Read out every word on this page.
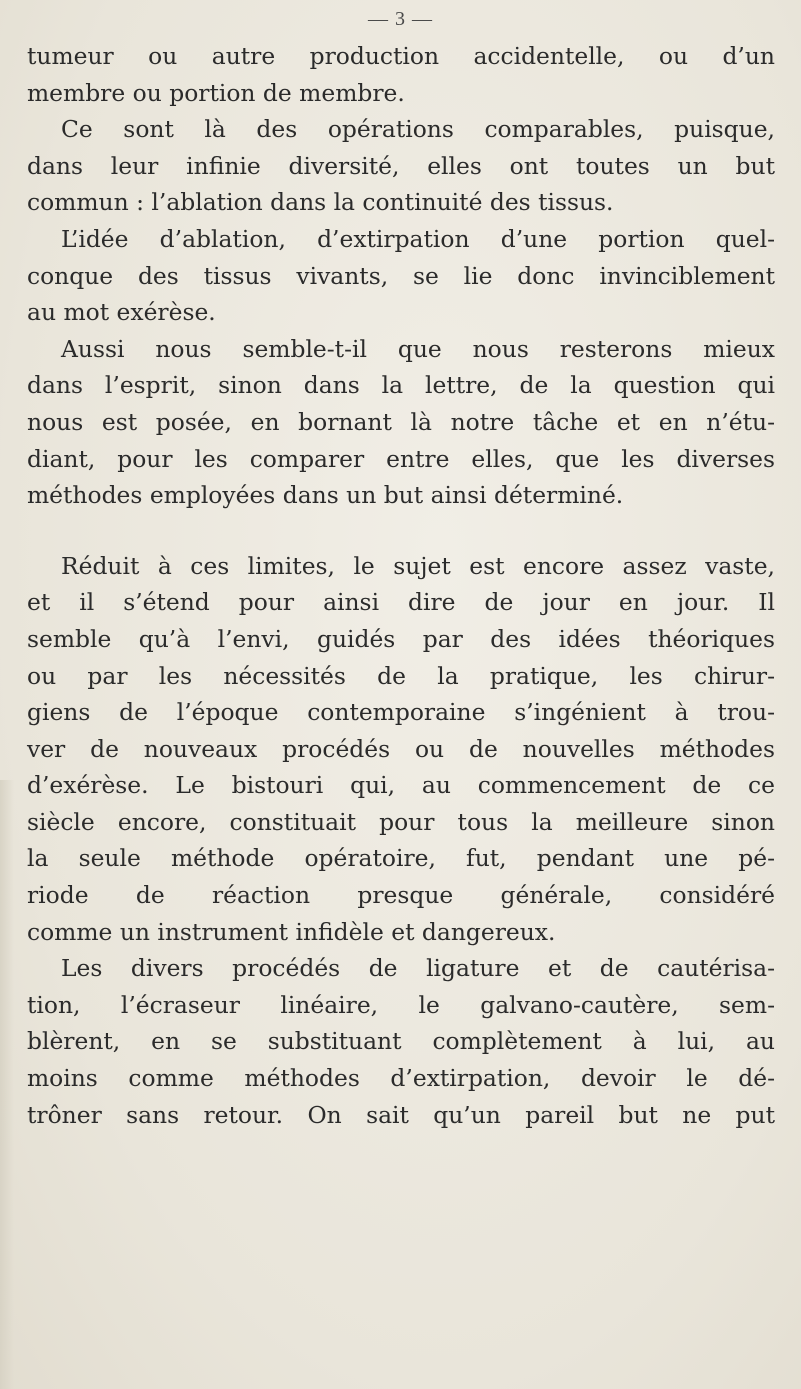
— 3 —
tumeur ou autre production accidentelle, ou d’un
membre ou portion de membre.
Ce sont là des opérations comparables, puisque,
dans leur infinie diversité, elles ont toutes un but
commun : l’ablation dans la continuité des tissus.
L’idée d’ablation, d’extirpation d’une portion quel-
conque des tissus vivants, se lie donc invinciblement
au mot exérèse.
Aussi nous semble-t-il que nous resterons mieux
dans l’esprit, sinon dans la lettre, de la question qui
nous est posée, en bornant là notre tâche et en n’étu-
diant, pour les comparer entre elles, que les diverses
méthodes employées dans un but ainsi déterminé.
Réduit à ces limites, le sujet est encore assez vaste,
et il s’étend pour ainsi dire de jour en jour. Il
semble qu’à l’envi, guidés par des idées théoriques
ou par les nécessités de la pratique, les chirur-
giens de l’époque contemporaine s’ingénient à trou-
ver de nouveaux procédés ou de nouvelles méthodes
d’exérèse. Le bistouri qui, au commencement de ce
siècle encore, constituait pour tous la meilleure sinon
la seule méthode opératoire, fut, pendant une pé-
riode de réaction presque générale, considéré
comme un instrument infidèle et dangereux.
Les divers procédés de ligature et de cautérisa-
tion, l’écraseur linéaire, le galvano-cautère, sem-
blèrent, en se substituant complètement à lui, au
moins comme méthodes d’extirpation, devoir le dé-
trôner sans retour. On sait qu’un pareil but ne put
